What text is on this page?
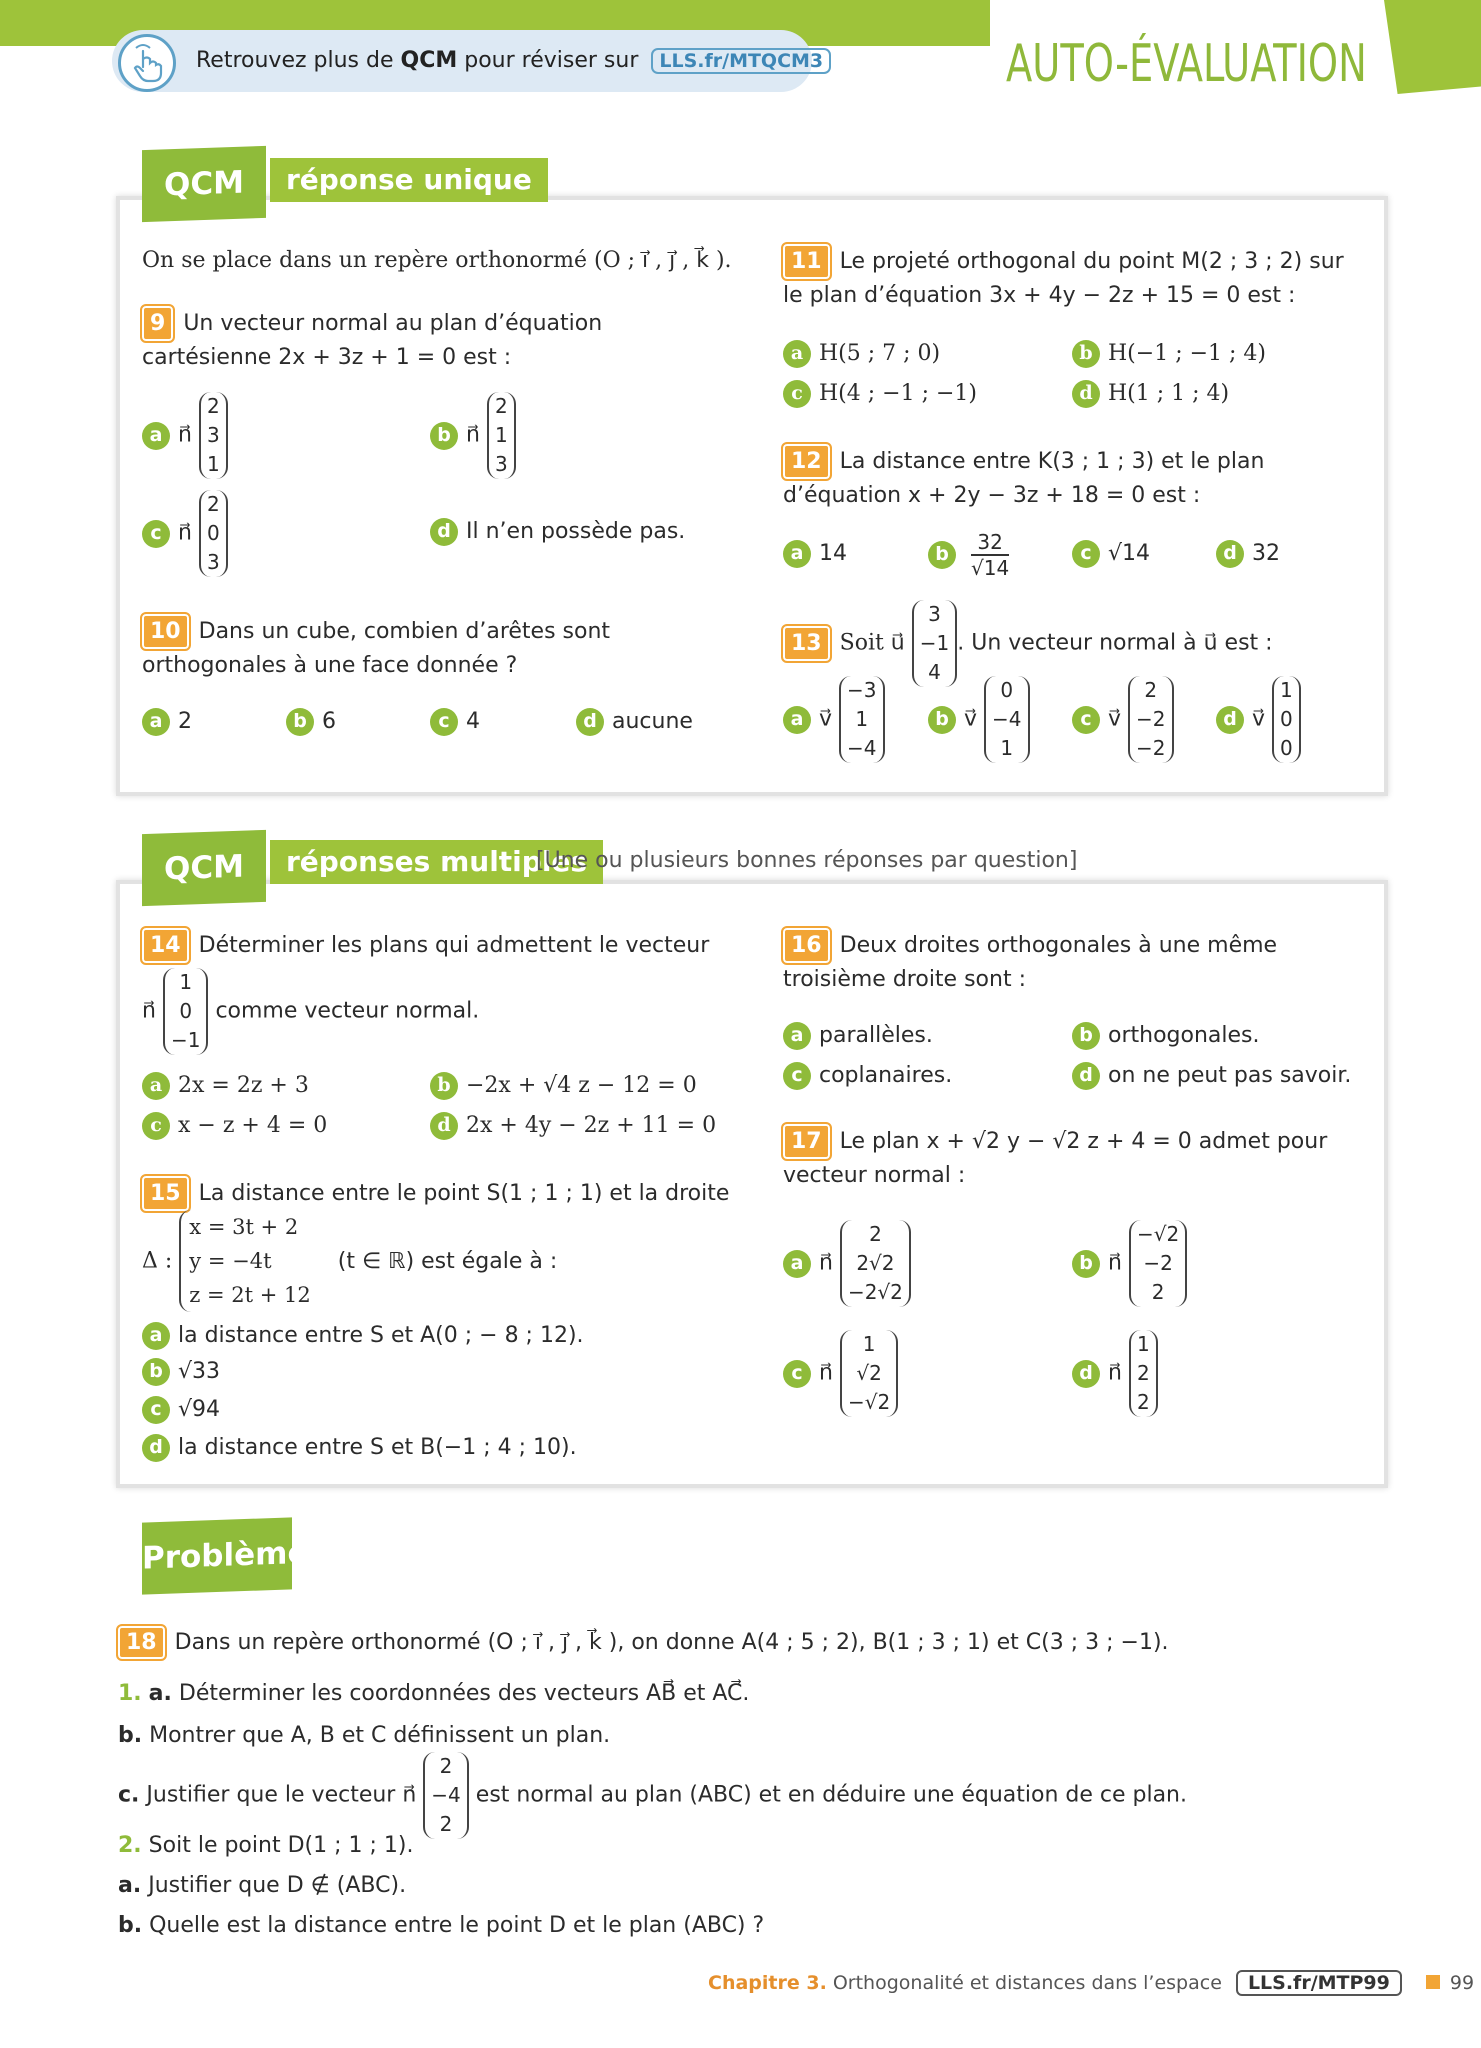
Retrouvez plus de QCM pour réviser sur LLS.fr/MTQCM3	AUTO-ÉVALUATION
QCM	réponse unique
On se place dans un repère orthonormé (O ; i⃗ , j⃗ , k⃗ ).
9 Un vecteur normal au plan d’équation cartésienne 2x + 3z + 1 = 0 est :
a n⃗ 2
3
1
b n⃗ 2
1
3
c n⃗ 2
0
3
d Il n’en possède pas.
10 Dans un cube, combien d’arêtes sont orthogonales à une face donnée ?
a 2	b 6	c 4	d aucune
11 Le projeté orthogonal du point M(2 ; 3 ; 2) sur le plan d’équation 3x + 4y − 2z + 15 = 0 est :
a H(5 ; 7 ; 0)	b H(−1 ; −1 ; 4)
c H(4 ; −1 ; −1)	d H(1 ; 1 ; 4)
12 La distance entre K(3 ; 1 ; 3) et le plan d’équation x + 2y − 3z + 18 = 0 est :
a 14	b $\frac{32}{√14}$	c √14	d 32
13 Soit u⃗ 3
−1
4. Un vecteur normal à u⃗ est :
a v⃗ −3
1
−4
b v⃗ 0
−4
1
c v⃗ 2
−2
−2
d v⃗ 1
0
0
QCM	réponses multiples
[Une ou plusieurs bonnes réponses par question]
14 Déterminer les plans qui admettent le vecteur
n⃗ 1
0
−1 comme vecteur normal.
a 2x = 2z + 3	b −2x + √4 z − 12 = 0
c x − z + 4 = 0	d 2x + 4y − 2z + 11 = 0
15 La distance entre le point S(1 ; 1 ; 1) et la droite
Δ : x = 3t + 2
y = −4t
z = 2t + 12 (t ∈ ℝ) est égale à :
a la distance entre S et A(0 ; − 8 ; 12).
b √33
c √94
d la distance entre S et B(−1 ; 4 ; 10).
16 Deux droites orthogonales à une même troisième droite sont :
a parallèles.	b orthogonales.
c coplanaires.	d on ne peut pas savoir.
17 Le plan x + √2 y − √2 z + 4 = 0 admet pour vecteur normal :
a n⃗ 2
2√2
−2√2
b n⃗ −√2
−2
2
c n⃗ 1
√2
−√2
d n⃗ 1
2
2
Problème
18 Dans un repère orthonormé (O ; i⃗ , j⃗ , k⃗ ), on donne A(4 ; 5 ; 2), B(1 ; 3 ; 1) et C(3 ; 3 ; −1).
1. a. Déterminer les coordonnées des vecteurs AB⃗ et AC⃗.
b. Montrer que A, B et C définissent un plan.
c. Justifier que le vecteur n⃗ 2
−4
2 est normal au plan (ABC) et en déduire une équation de ce plan.
2. Soit le point D(1 ; 1 ; 1).
a. Justifier que D ∉ (ABC).
b. Quelle est la distance entre le point D et le plan (ABC) ?
Chapitre 3. Orthogonalité et distances dans l’espace LLS.fr/MTP99	99
